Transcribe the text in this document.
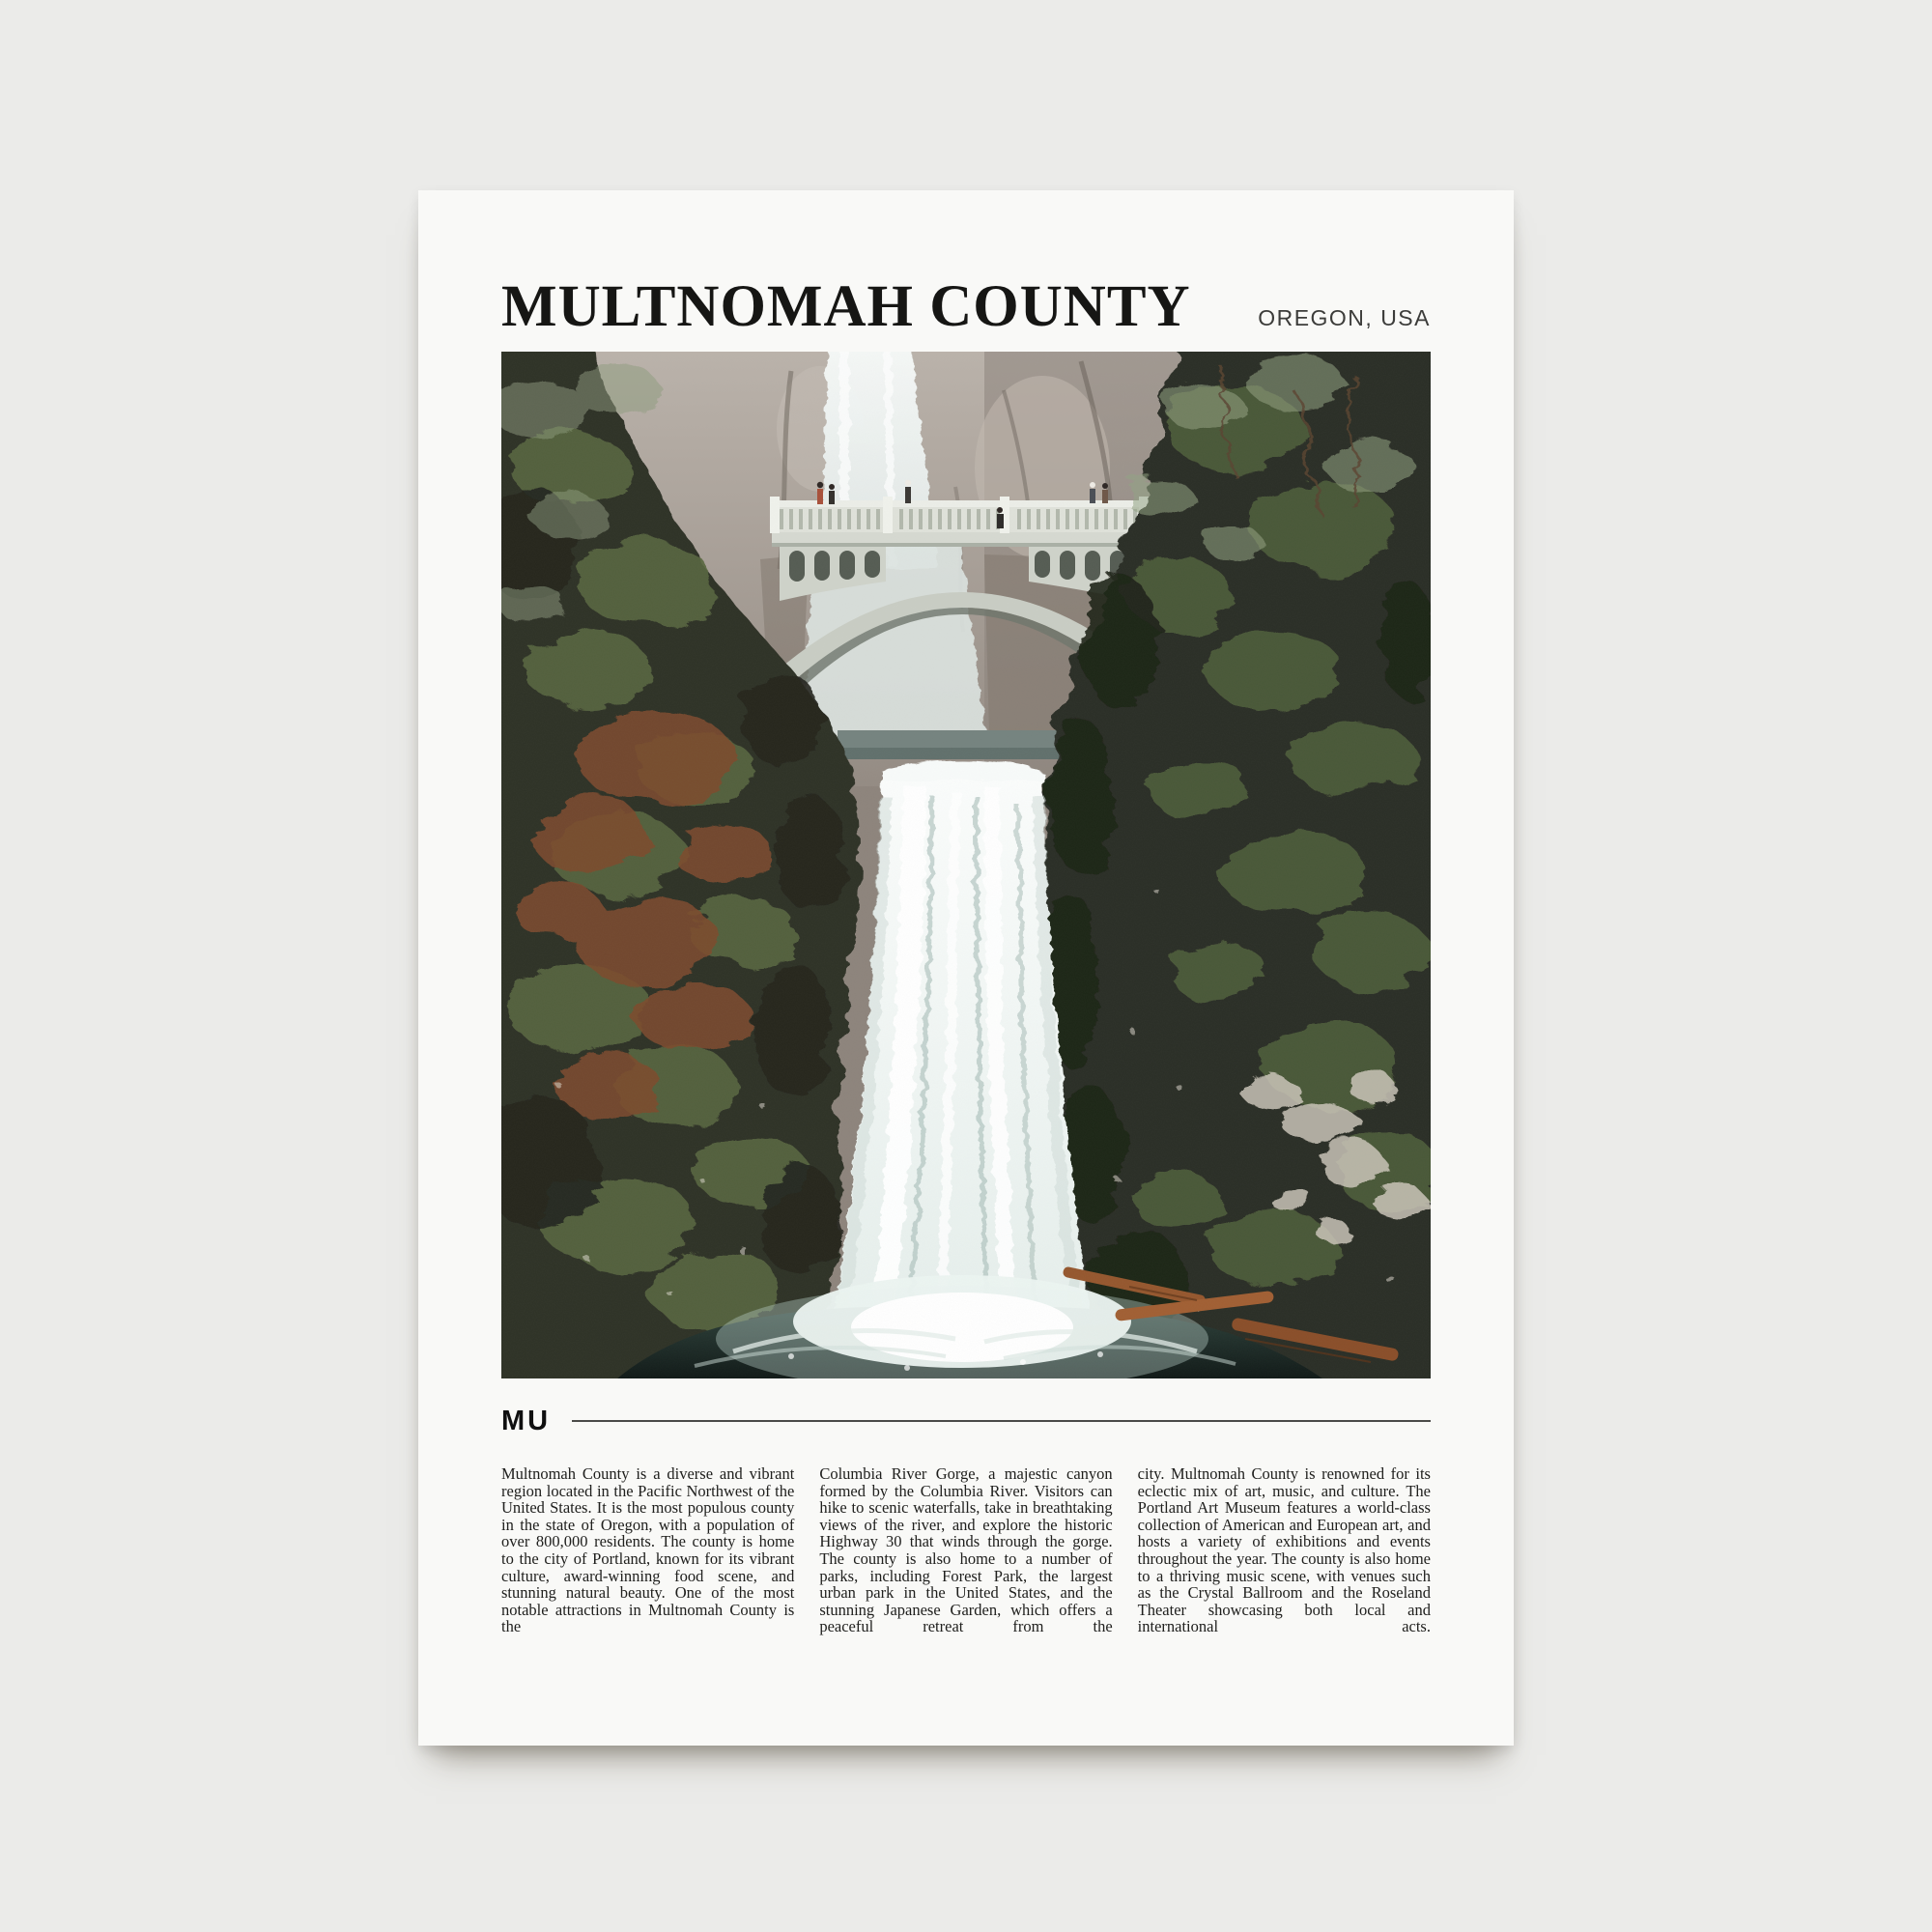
MULTNOMAH COUNTY	OREGON, USA
MU

Multnomah County is a diverse and vibrant region located in the Pacific Northwest of the United States. It is the most populous county in the state of Oregon, with a population of over 800,000 residents. The county is home to the city of Portland, known for its vibrant culture, award-winning food scene, and stunning natural beauty. One of the most notable attractions in Multnomah County is the

Columbia River Gorge, a majestic canyon formed by the Columbia River. Visitors can hike to scenic waterfalls, take in breathtaking views of the river, and explore the historic Highway 30 that winds through the gorge. The county is also home to a number of parks, including Forest Park, the largest urban park in the United States, and the stunning Japanese Garden, which offers a peaceful retreat from the

city. Multnomah County is renowned for its eclectic mix of art, music, and culture. The Portland Art Museum features a world-class collection of American and European art, and hosts a variety of exhibitions and events throughout the year. The county is also home to a thriving music scene, with venues such as the Crystal Ballroom and the Roseland Theater showcasing both local and international acts.
